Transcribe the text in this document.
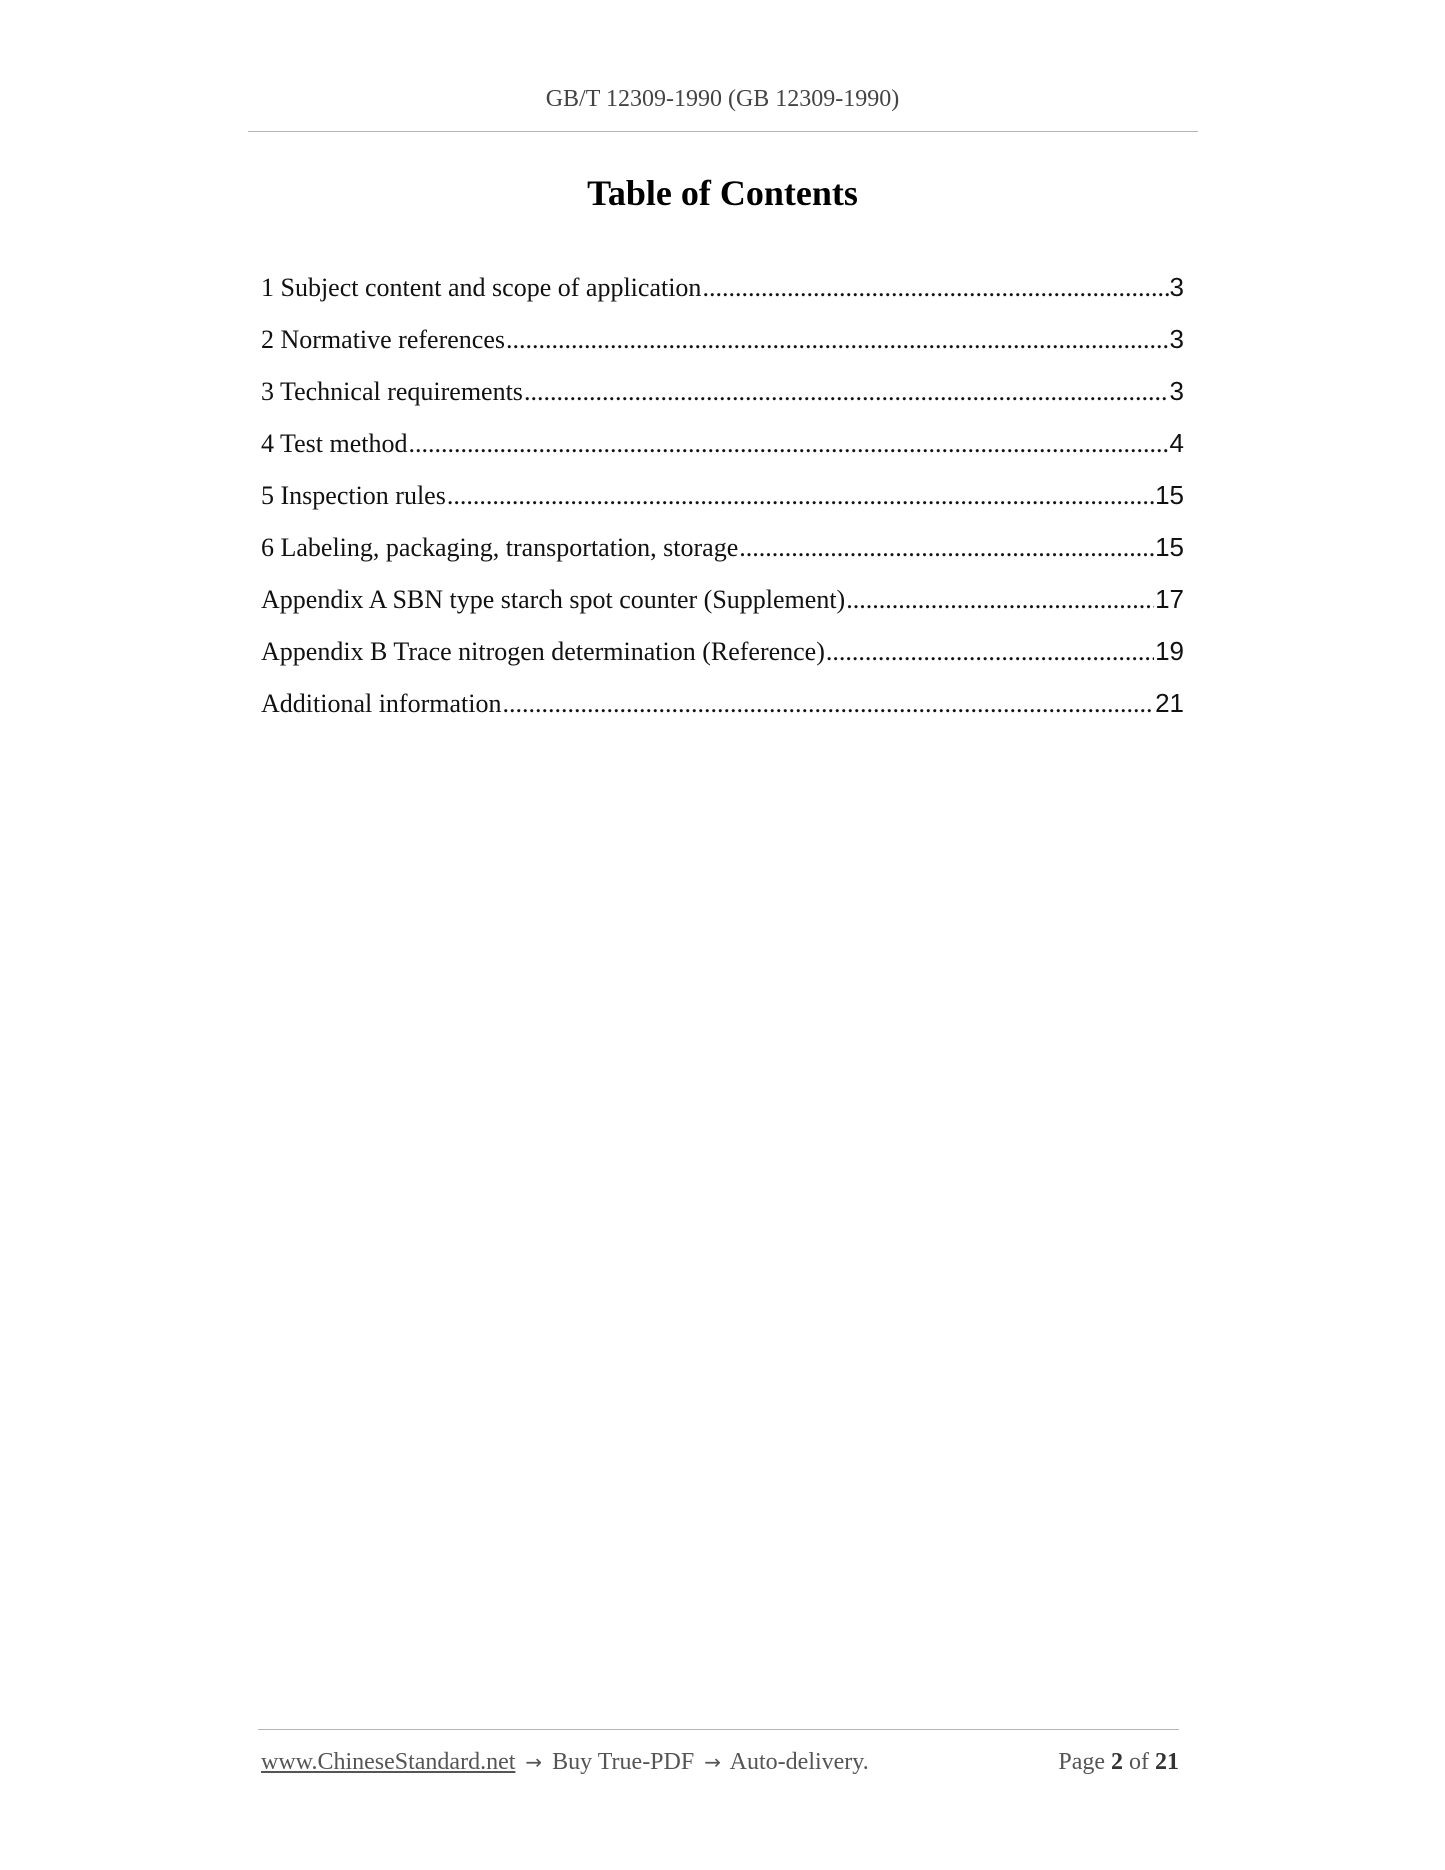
GB/T 12309-1990 (GB 12309-1990)
Table of Contents
1 Subject content and scope of application .....	3
2 Normative references .....	3
3 Technical requirements .....	3
4 Test method .....	4
5 Inspection rules .....	15
6 Labeling, packaging, transportation, storage .....	15
Appendix A SBN type starch spot counter (Supplement) .....	17
Appendix B Trace nitrogen determination (Reference) .....	19
Additional information .....	21
www.ChineseStandard.net → Buy True-PDF → Auto-delivery.	Page 2 of 21
